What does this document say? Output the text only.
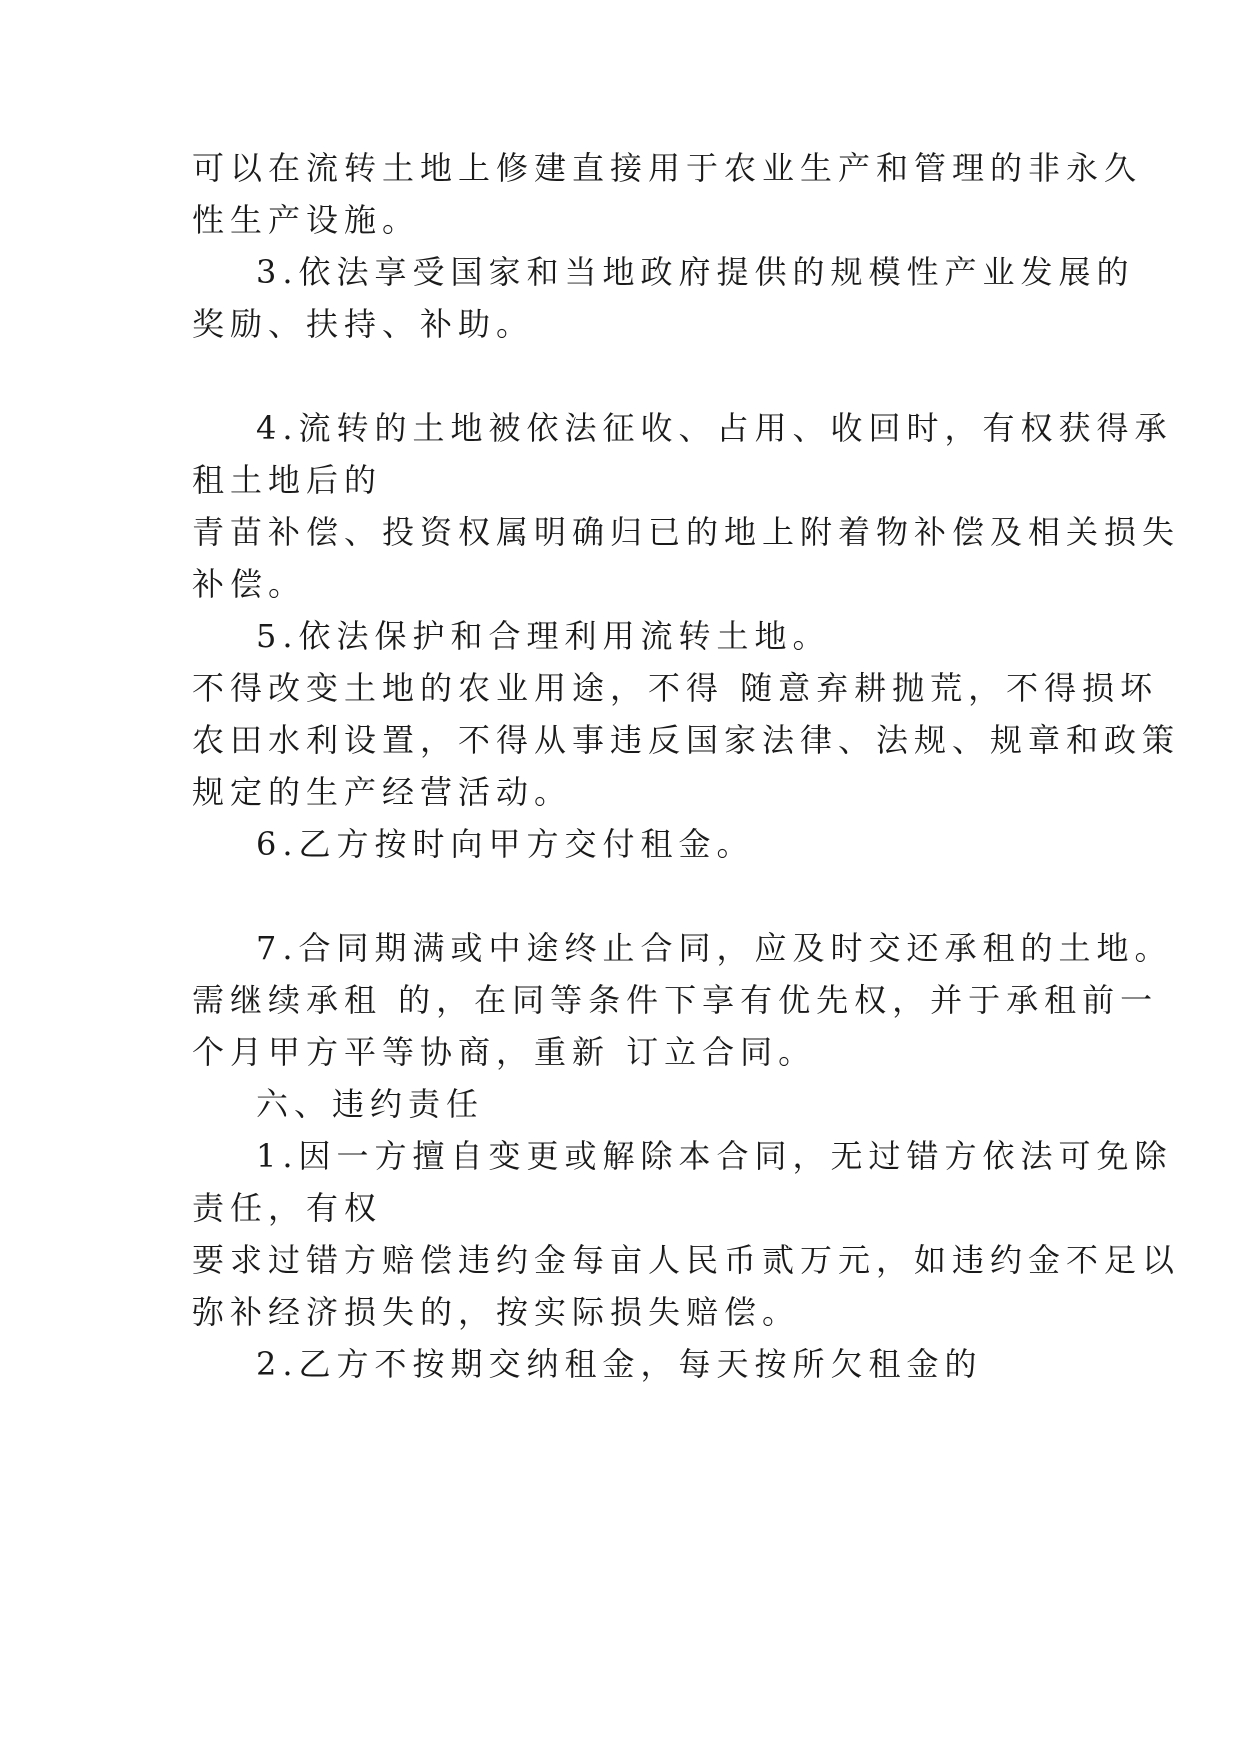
可以在流转土地上修建直接用于农业生产和管理的非永久
性生产设施。
3.依法享受国家和当地政府提供的规模性产业发展的
奖励、扶持、补助。
4.流转的土地被依法征收、占用、收回时，有权获得承
租土地后的
青苗补偿、投资权属明确归已的地上附着物补偿及相关损失
补偿。
5.依法保护和合理利用流转土地。
不得改变土地的农业用途，不得 随意弃耕抛荒，不得损坏
农田水利设置，不得从事违反国家法律、法规、规章和政策
规定的生产经营活动。
6.乙方按时向甲方交付租金。
7.合同期满或中途终止合同，应及时交还承租的土地。
需继续承租 的，在同等条件下享有优先权，并于承租前一
个月甲方平等协商，重新 订立合同。
六、违约责任
1.因一方擅自变更或解除本合同，无过错方依法可免除
责任，有权
要求过错方赔偿违约金每亩人民币贰万元，如违约金不足以
弥补经济损失的，按实际损失赔偿。
2.乙方不按期交纳租金，每天按所欠租金的
